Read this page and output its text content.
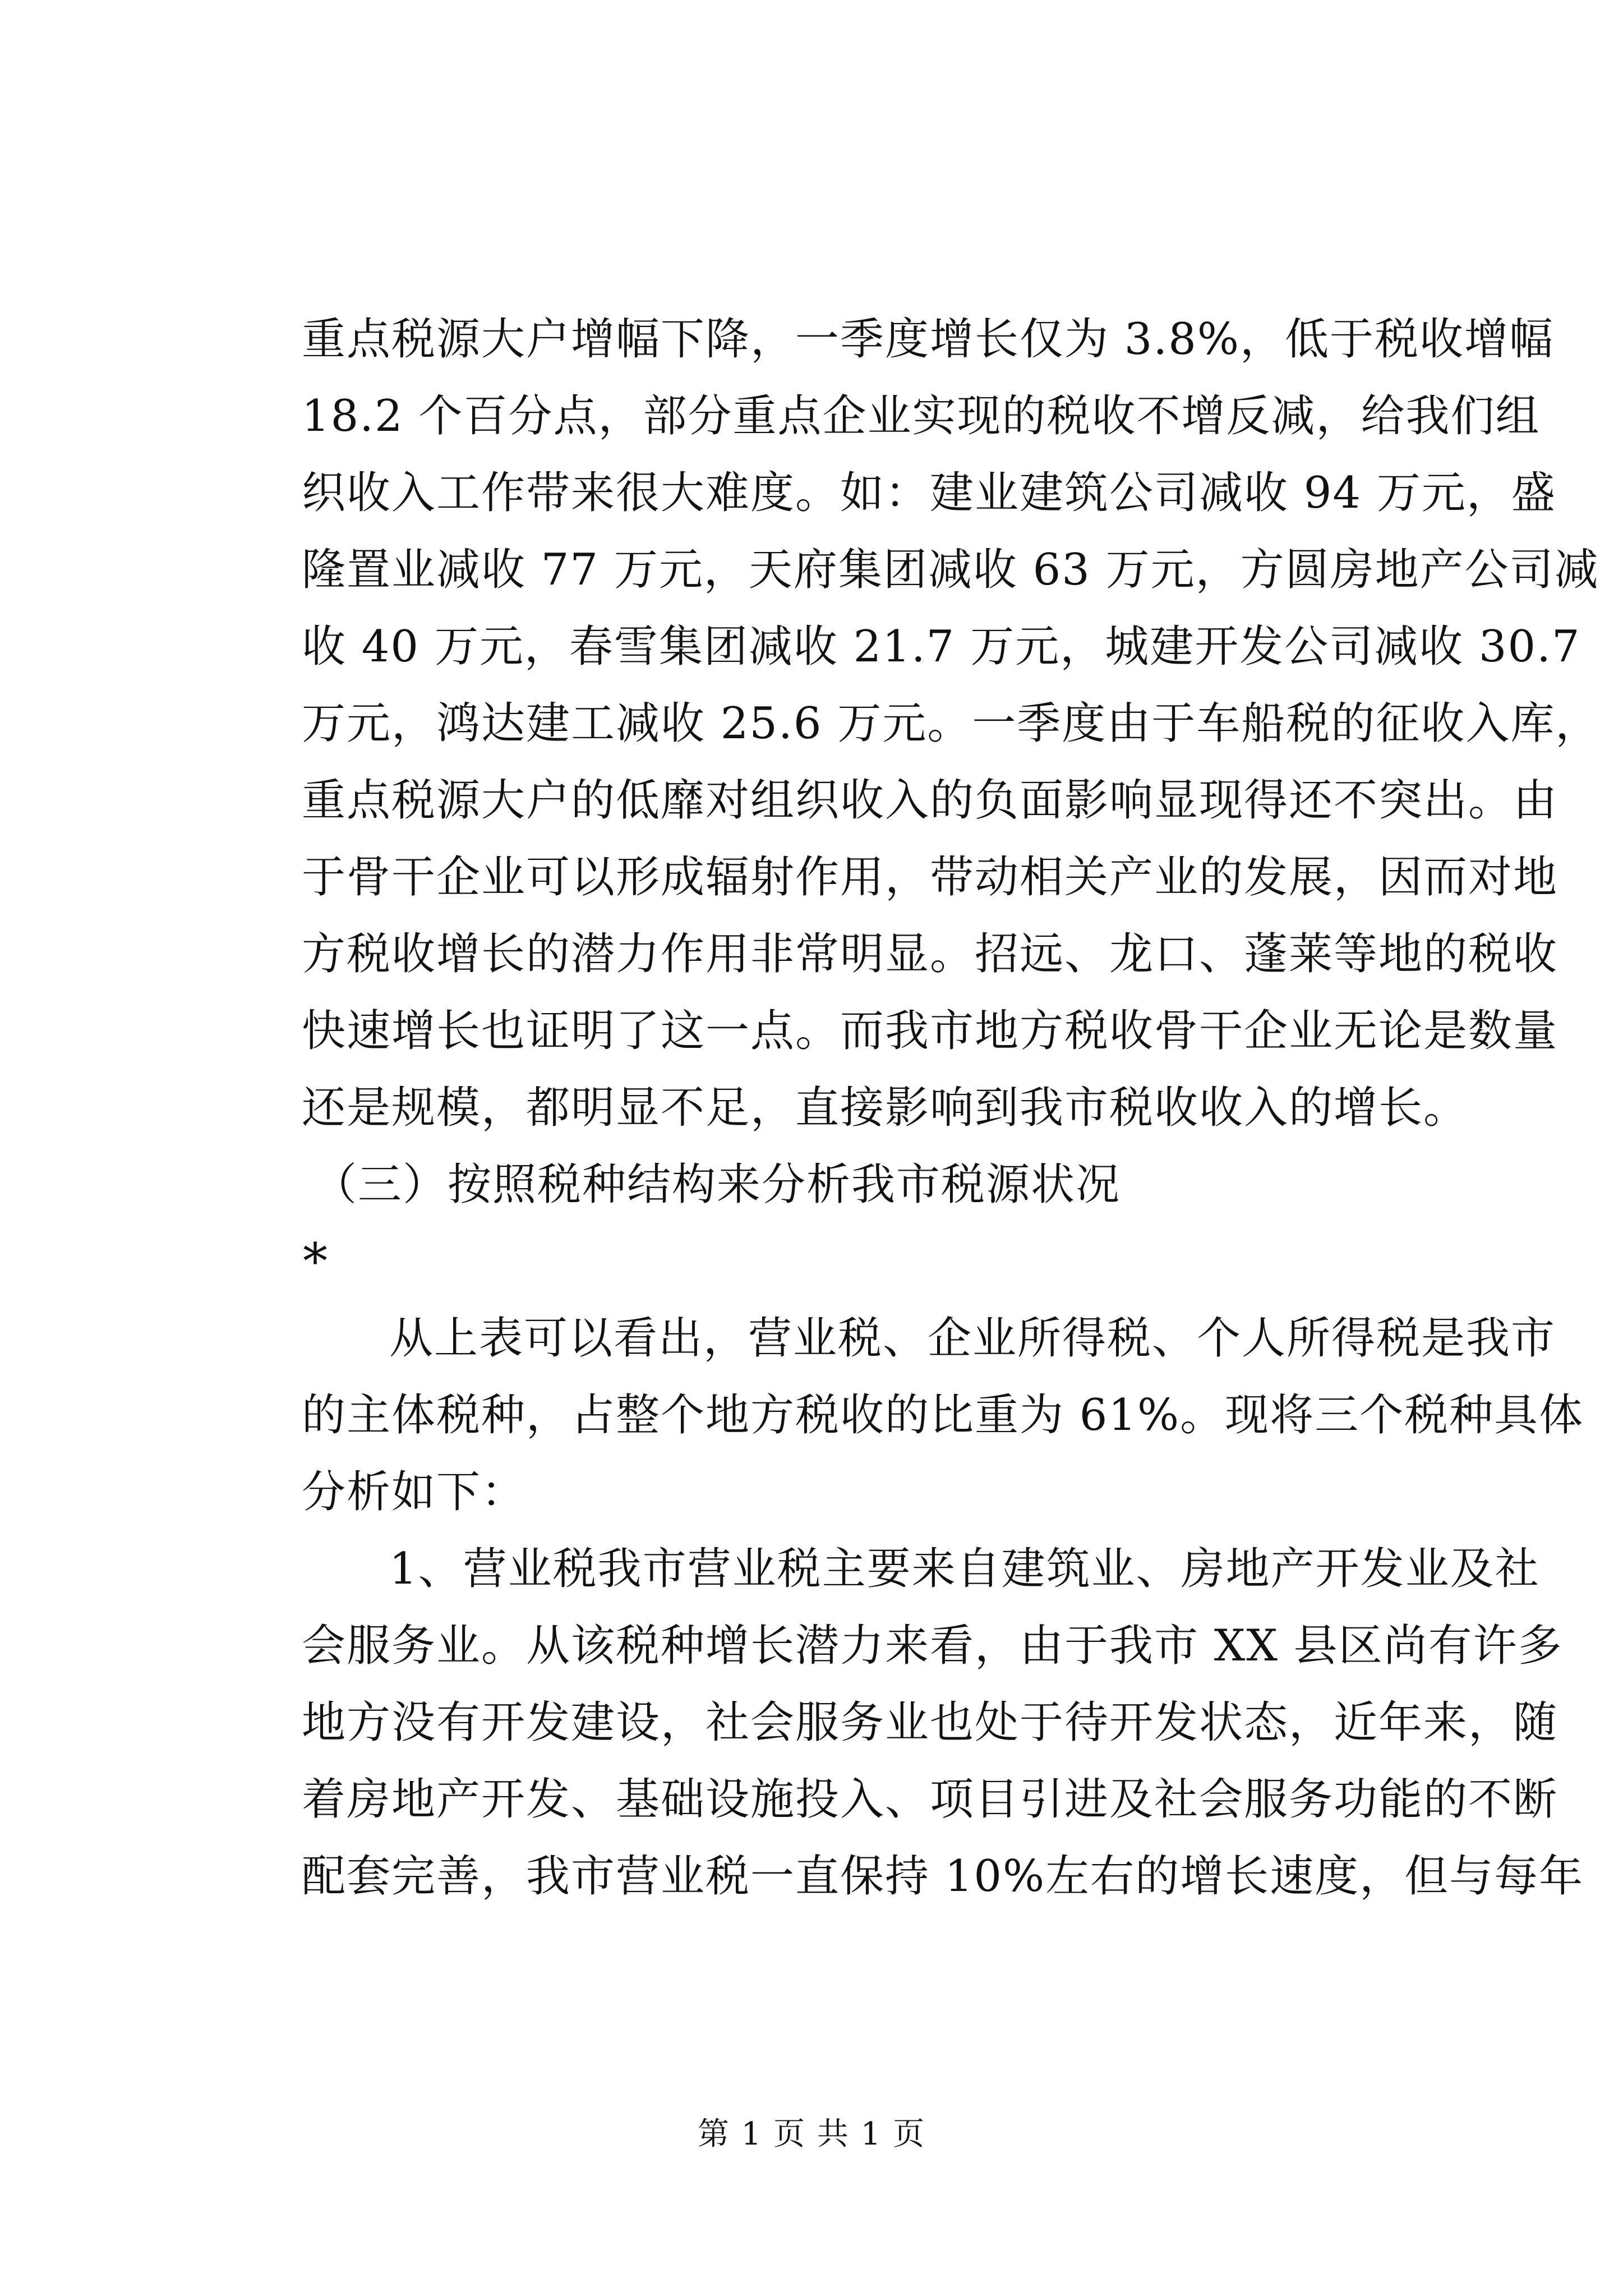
重点税源大户增幅下降，一季度增长仅为 3.8%，低于税收增幅
18.2 个百分点，部分重点企业实现的税收不增反减，给我们组
织收入工作带来很大难度。如：建业建筑公司减收 94 万元，盛
隆置业减收 77 万元，天府集团减收 63 万元，方圆房地产公司减
收 40 万元，春雪集团减收 21.7 万元，城建开发公司减收 30.7
万元，鸿达建工减收 25.6 万元。一季度由于车船税的征收入库，
重点税源大户的低靡对组织收入的负面影响显现得还不突出。由
于骨干企业可以形成辐射作用，带动相关产业的发展，因而对地
方税收增长的潜力作用非常明显。招远、龙口、蓬莱等地的税收
快速增长也证明了这一点。而我市地方税收骨干企业无论是数量
还是规模，都明显不足，直接影响到我市税收收入的增长。
（三）按照税种结构来分析我市税源状况
*
从上表可以看出，营业税、企业所得税、个人所得税是我市
的主体税种，占整个地方税收的比重为 61%。现将三个税种具体
分析如下：
1、营业税我市营业税主要来自建筑业、房地产开发业及社
会服务业。从该税种增长潜力来看，由于我市 XX 县区尚有许多
地方没有开发建设，社会服务业也处于待开发状态，近年来，随
着房地产开发、基础设施投入、项目引进及社会服务功能的不断
配套完善，我市营业税一直保持 10%左右的增长速度，但与每年
第 1 页 共 1 页
